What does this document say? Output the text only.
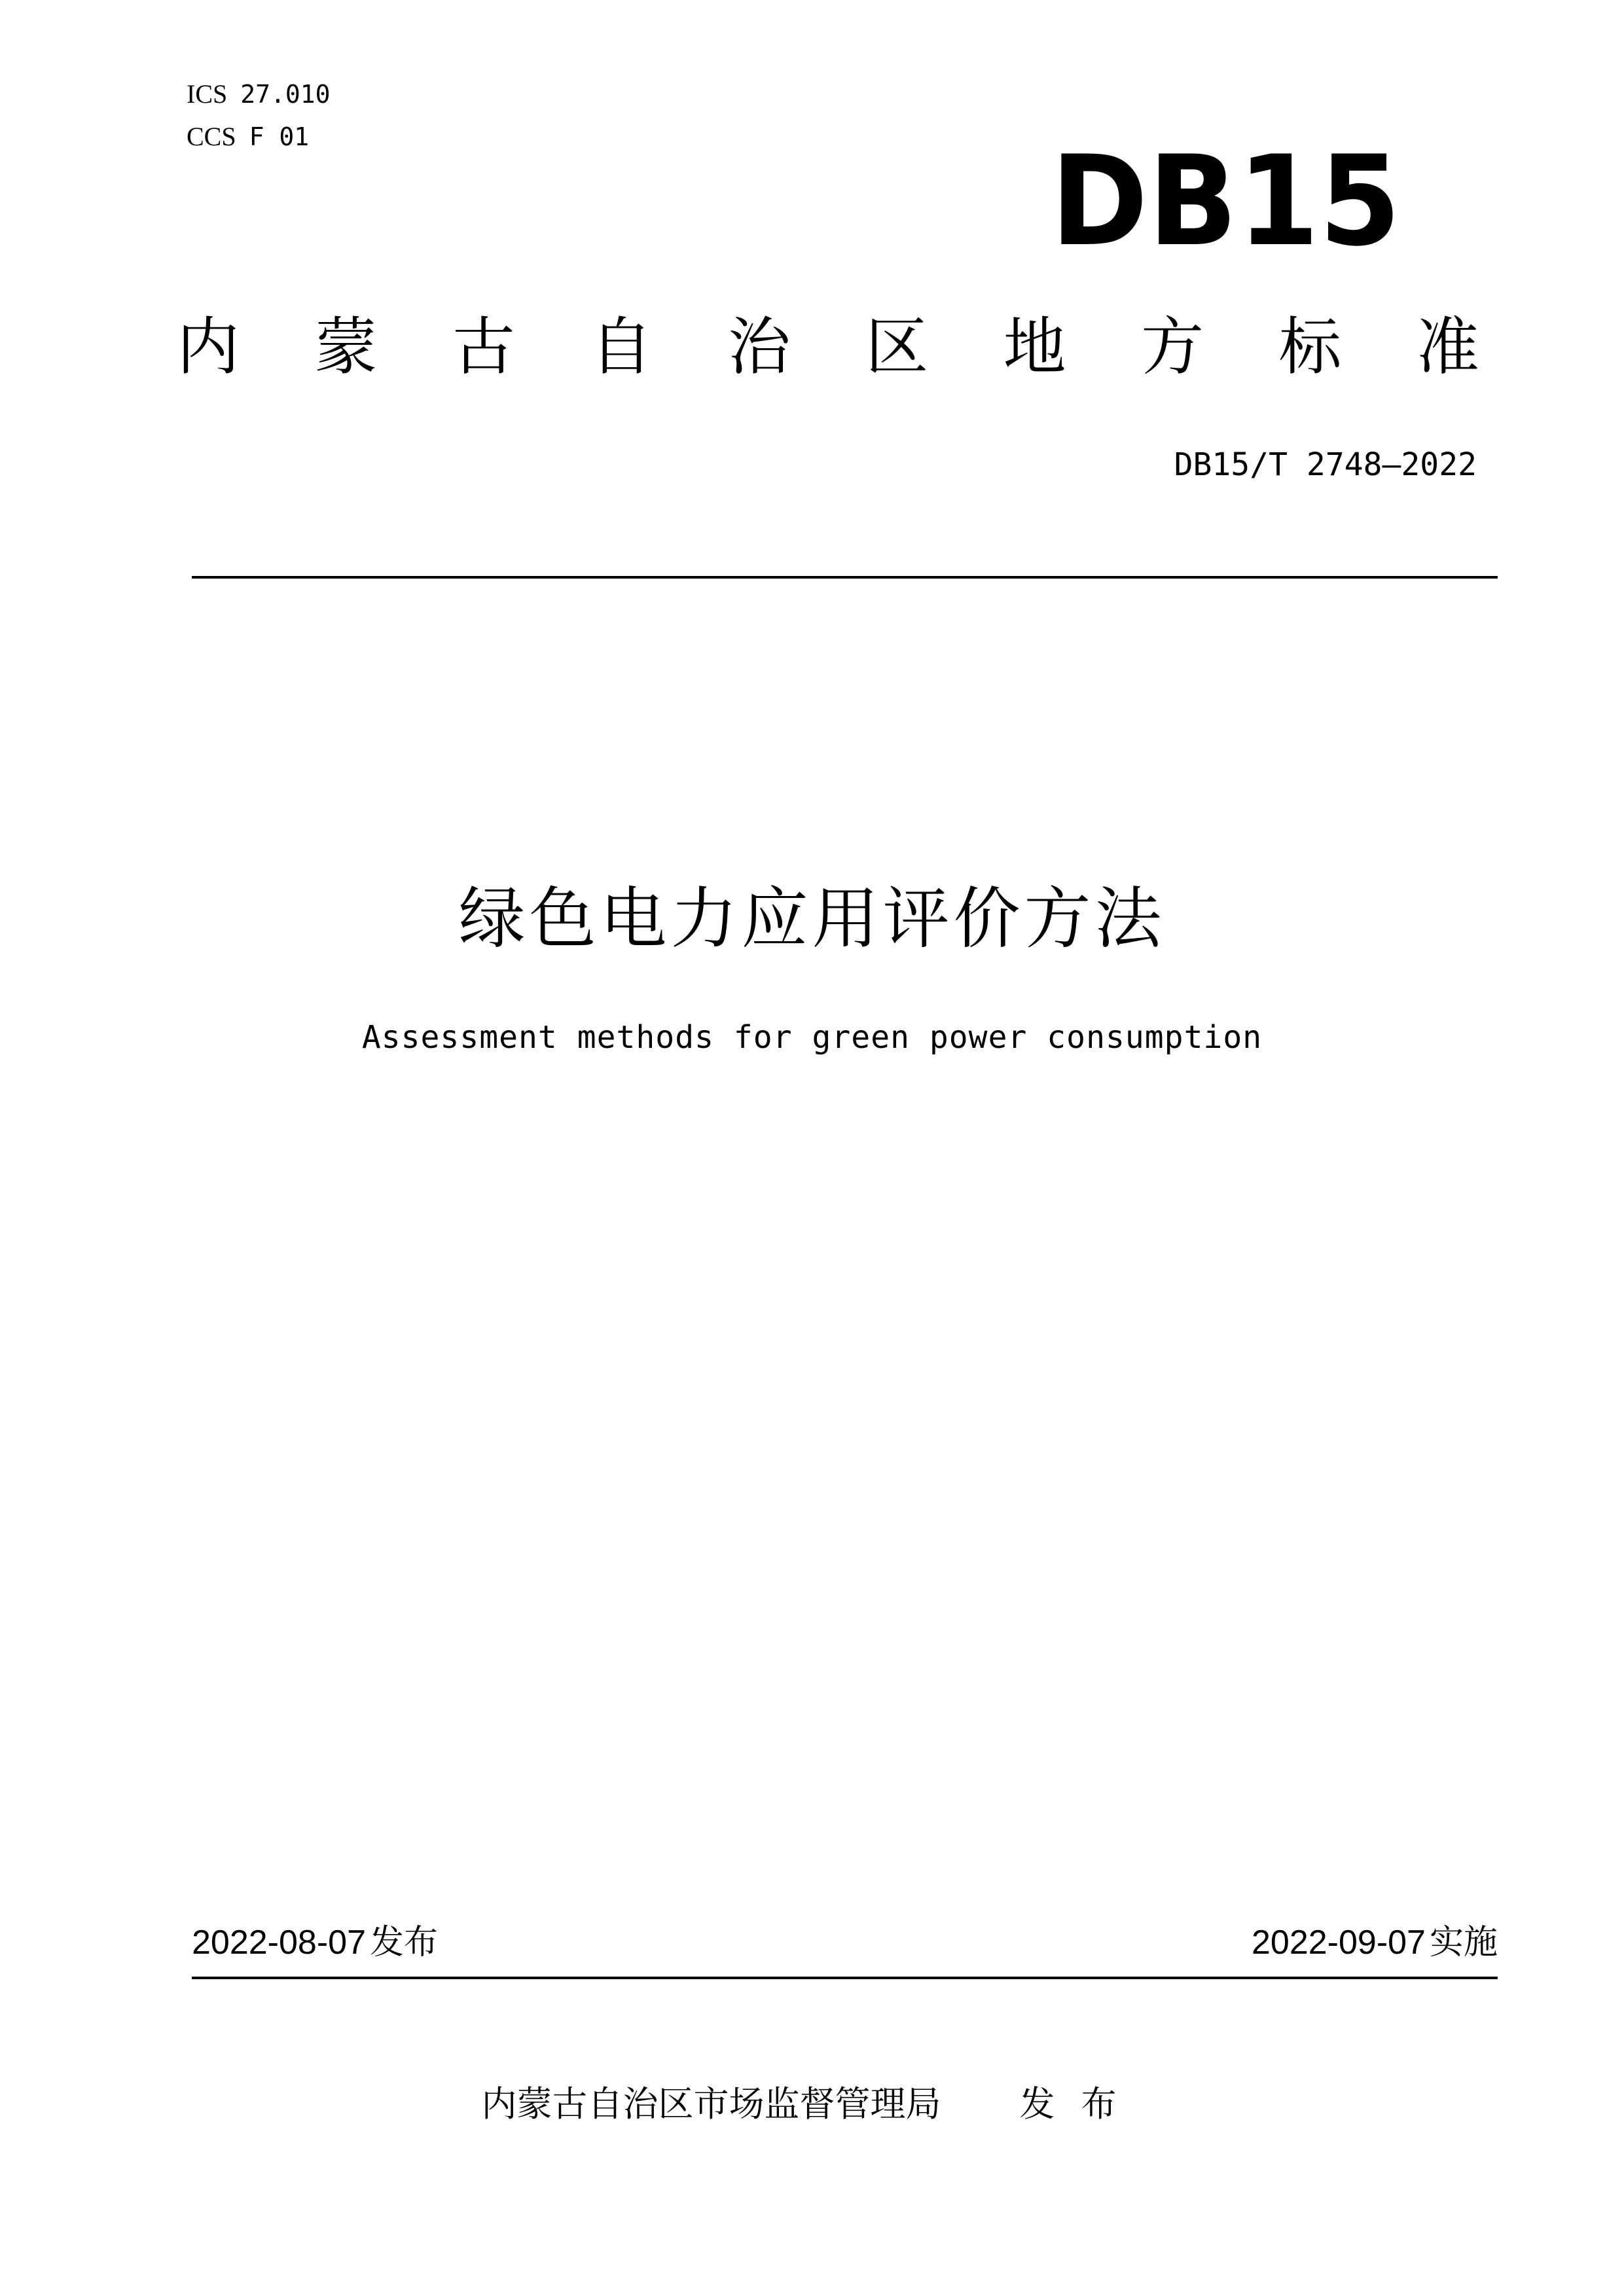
ICS 27.010
CCS F 01	DB15
内 蒙 古 自 治 区 地 方 标 准
DB15/T 2748—2022
绿色电力应用评价方法
Assessment methods for green power consumption
2022-08-07 发布	2022-09-07 实施
内蒙古自治区市场监督管理局 发布
